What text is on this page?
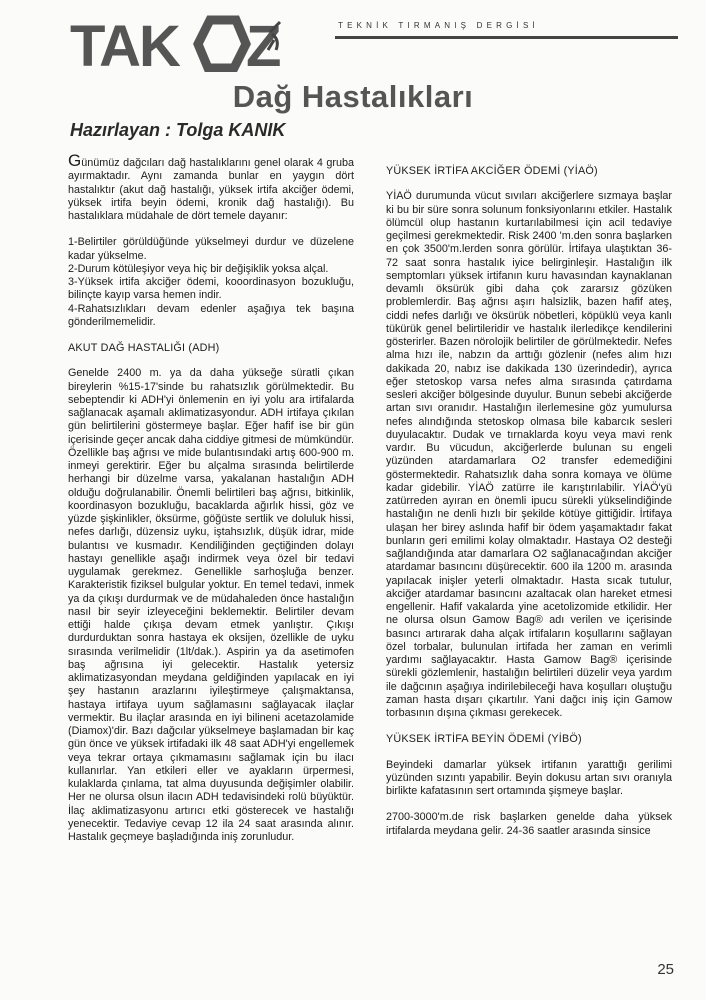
TAK Z	TEKNİK TIRMANIŞ DERGİSİ
Dağ Hastalıkları
Hazırlayan : Tolga KANIK

Günümüz dağcıları dağ hastalıklarını genel olarak 4 gruba ayırmaktadır. Aynı zamanda bunlar en yaygın dört hastalıktır (akut dağ hastalığı, yüksek irtifa akciğer ödemi, yüksek irtifa beyin ödemi, kronik dağ hastalığı). Bu hastalıklara müdahale de dört temele dayanır:

1-Belirtiler görüldüğünde yükselmeyi durdur ve düzelene kadar yükselme.

2-Durum kötüleşiyor veya hiç bir değişiklik yoksa alçal.

3-Yüksek irtifa akciğer ödemi, kooordinasyon bozukluğu, bilinçte kayıp varsa hemen indir.

4-Rahatsızlıkları devam edenler aşağıya tek başına gönderilmemelidir.

AKUT DAĞ HASTALIĞI (ADH)

Genelde 2400 m. ya da daha yükseğe süratli çıkan bireylerin %15-17'sinde bu rahatsızlık görülmektedir. Bu sebeptendir ki ADH'yi önlemenin en iyi yolu ara irtifalarda sağlanacak aşamalı aklimatizasyondur. ADH irtifaya çıkılan gün belirtilerini göstermeye başlar. Eğer hafif ise bir gün içerisinde geçer ancak daha ciddiye gitmesi de mümkündür. Özellikle baş ağrısı ve mide bulantısındaki artış 600-900 m. inmeyi gerektirir. Eğer bu alçalma sırasında belirtilerde herhangi bir düzelme varsa, yakalanan hastalığın ADH olduğu doğrulanabilir. Önemli belirtileri baş ağrısı, bitkinlik, koordinasyon bozukluğu, bacaklarda ağırlık hissi, göz ve yüzde şişkinlikler, öksürme, göğüste sertlik ve doluluk hissi, nefes darlığı, düzensiz uyku, iştahsızlık, düşük idrar, mide bulantısı ve kusmadır. Kendiliğinden geçtiğinden dolayı hastayı genellikle aşağı indirmek veya özel bir tedavi uygulamak gerekmez. Genellikle sarhoşluğa benzer. Karakteristik fiziksel bulgular yoktur. En temel tedavi, inmek ya da çıkışı durdurmak ve de müdahaleden önce hastalığın nasıl bir seyir izleyeceğini beklemektir. Belirtiler devam ettiği halde çıkışa devam etmek yanlıştır. Çıkışı durdurduktan sonra hastaya ek oksijen, özellikle de uyku sırasında verilmelidir (1lt/dak.). Aspirin ya da asetimofen baş ağrısına iyi gelecektir. Hastalık yetersiz aklimatizasyondan meydana geldiğinden yapılacak en iyi şey hastanın arazlarını iyileştirmeye çalışmaktansa, hastaya irtifaya uyum sağlamasını sağlayacak ilaçlar vermektir. Bu ilaçlar arasında en iyi bilineni acetazolamide (Diamox)'dir. Bazı dağcılar yükselmeye başlamadan bir kaç gün önce ve yüksek irtifadaki ilk 48 saat ADH'yi engellemek veya tekrar ortaya çıkmamasını sağlamak için bu ilacı kullanırlar. Yan etkileri eller ve ayakların ürpermesi, kulaklarda çınlama, tat alma duyusunda değişimler olabilir. Her ne olursa olsun ilacın ADH tedavisindeki rolü büyüktür. İlaç aklimatizasyonu artırıcı etki gösterecek ve hastalığı yenecektir. Tedaviye cevap 12 ila 24 saat arasında alınır. Hastalık geçmeye başladığında iniş zorunludur.

YÜKSEK İRTİFA AKCİĞER ÖDEMİ (YİAÖ)

YİAÖ durumunda vücut sıvıları akciğerlere sızmaya başlar ki bu bir süre sonra solunum fonksiyonlarını etkiler. Hastalık ölümcül olup hastanın kurtarılabilmesi için acil tedaviye geçilmesi gerekmektedir. Risk 2400 'm.den sonra başlarken en çok 3500'm.lerden sonra görülür. İrtifaya ulaştıktan 36-72 saat sonra hastalık iyice belirginleşir. Hastalığın ilk semptomları yüksek irtifanın kuru havasından kaynaklanan devamlı öksürük gibi daha çok zararsız gözüken problemlerdir. Baş ağrısı aşırı halsizlik, bazen hafif ateş, ciddi nefes darlığı ve öksürük nöbetleri, köpüklü veya kanlı tükürük genel belirtileridir ve hastalık ilerledikçe kendilerini gösterirler. Bazen nörolojik belirtiler de görülmektedir. Nefes alma hızı ile, nabzın da arttığı gözlenir (nefes alım hızı dakikada 20, nabız ise dakikada 130 üzerindedir), ayrıca eğer stetoskop varsa nefes alma sırasında çatırdama sesleri akciğer bölgesinde duyulur. Bunun sebebi akciğerde artan sıvı oranıdır. Hastalığın ilerlemesine göz yumulursa nefes alındığında stetoskop olmasa bile kabarcık sesleri duyulacaktır. Dudak ve tırnaklarda koyu veya mavi renk vardır. Bu vücudun, akciğerlerde bulunan su engeli yüzünden atardamarlara O2 transfer edemediğini göstermektedir. Rahatsızlık daha sonra komaya ve ölüme kadar gidebilir. YİAÖ zatürre ile karıştırılabilir. YİAÖ'yü zatürreden ayıran en önemli ipucu sürekli yükselindiğinde hastalığın ne denli hızlı bir şekilde kötüye gittiğidir. İrtifaya ulaşan her birey aslında hafif bir ödem yaşamaktadır fakat bunların geri emilimi kolay olmaktadır. Hastaya O2 desteği sağlandığında atar damarlara O2 sağlanacağından akciğer atardamar basıncını düşürecektir. 600 ila 1200 m. arasında yapılacak inişler yeterli olmaktadır. Hasta sıcak tutulur, akciğer atardamar basıncını azaltacak olan hareket etmesi engellenir. Hafif vakalarda yine acetolizomide etkilidir. Her ne olursa olsun Gamow Bag® adı verilen ve içerisinde basıncı artırarak daha alçak irtifaların koşullarını sağlayan özel torbalar, bulunulan irtifada her zaman en verimli yardımı sağlayacaktır. Hasta Gamow Bag® içerisinde sürekli gözlemlenir, hastalığın belirtileri düzelir veya yardım ile dağcının aşağıya indirilebileceği hava koşulları oluştuğu zaman hasta dışarı çıkartılır. Yani dağcı iniş için Gamow torbasının dışına çıkması gerekecek.

YÜKSEK İRTİFA BEYİN ÖDEMİ (YİBÖ)

Beyindeki damarlar yüksek irtifanın yarattığı gerilimi yüzünden sızıntı yapabilir. Beyin dokusu artan sıvı oranıyla birlikte kafatasının sert ortamında şişmeye başlar.

2700-3000'm.de risk başlarken genelde daha yüksek irtifalarda meydana gelir. 24-36 saatler arasında sinsice

25
